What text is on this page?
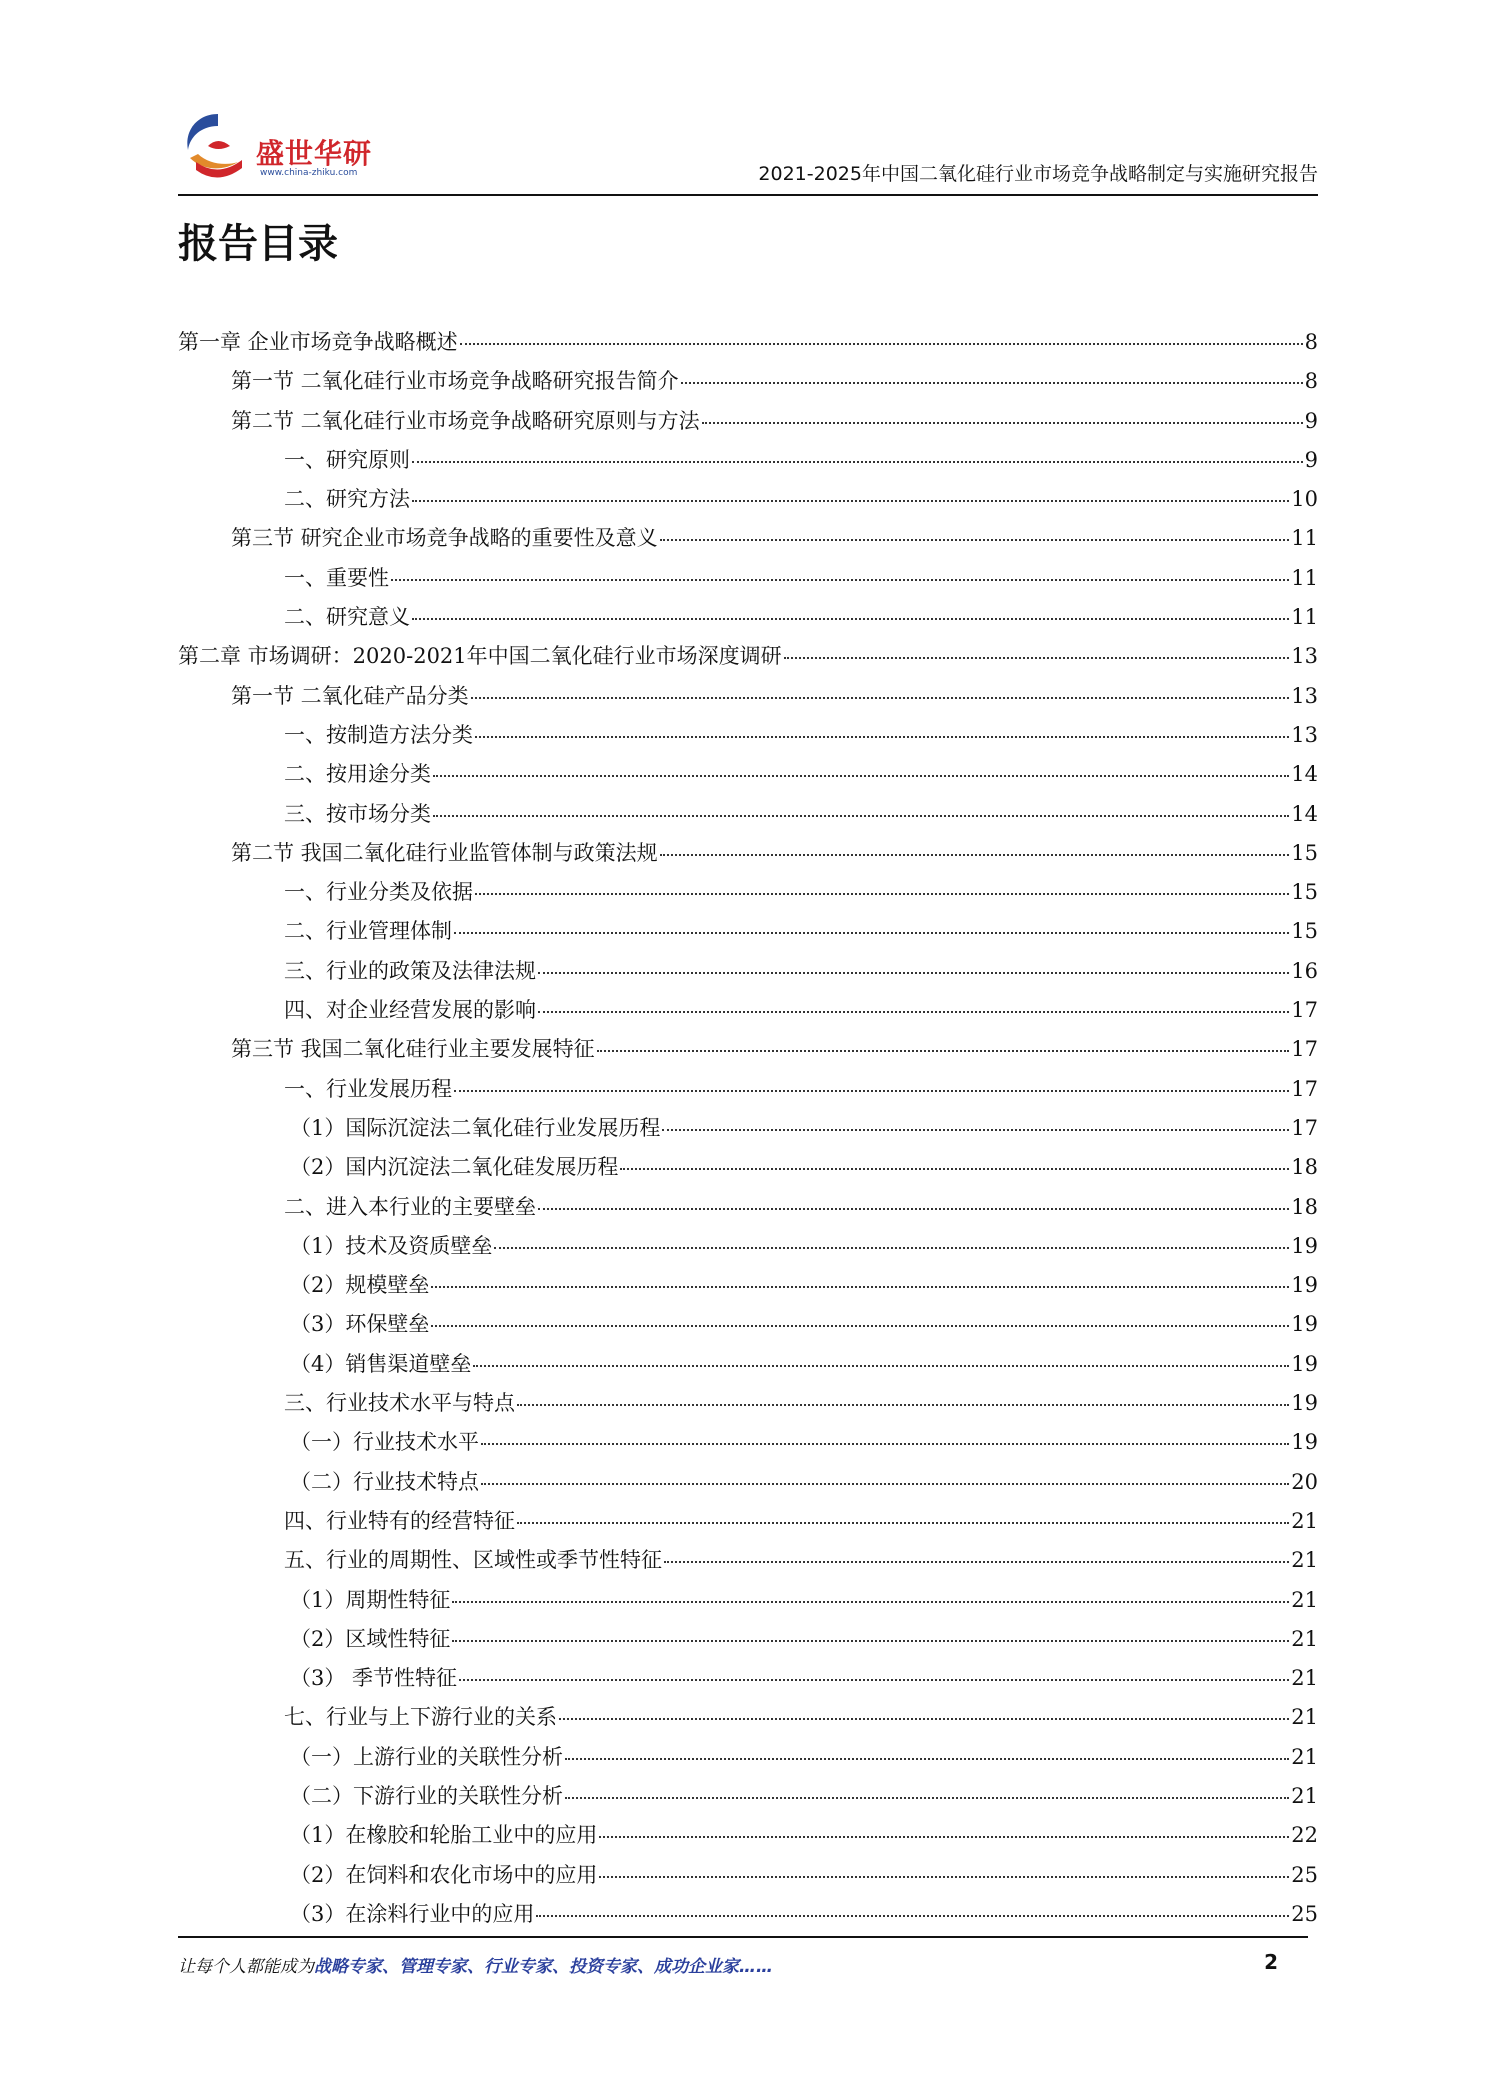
盛世华研
www.china-zhiku.com	2021-2025年中国二氧化硅行业市场竞争战略制定与实施研究报告
报告目录
第一章 企业市场竞争战略概述	8
第一节 二氧化硅行业市场竞争战略研究报告简介	8
第二节 二氧化硅行业市场竞争战略研究原则与方法	9
一、研究原则	9
二、研究方法	10
第三节 研究企业市场竞争战略的重要性及意义	11
一、重要性	11
二、研究意义	11
第二章 市场调研：2020-2021年中国二氧化硅行业市场深度调研	13
第一节 二氧化硅产品分类	13
一、按制造方法分类	13
二、按用途分类	14
三、按市场分类	14
第二节 我国二氧化硅行业监管体制与政策法规	15
一、行业分类及依据	15
二、行业管理体制	15
三、行业的政策及法律法规	16
四、对企业经营发展的影响	17
第三节 我国二氧化硅行业主要发展特征	17
一、行业发展历程	17
（1）国际沉淀法二氧化硅行业发展历程	17
（2）国内沉淀法二氧化硅发展历程	18
二、进入本行业的主要壁垒	18
（1）技术及资质壁垒	19
（2）规模壁垒	19
（3）环保壁垒	19
（4）销售渠道壁垒	19
三、行业技术水平与特点	19
（一）行业技术水平	19
（二）行业技术特点	20
四、行业特有的经营特征	21
五、行业的周期性、区域性或季节性特征	21
（1）周期性特征	21
（2）区域性特征	21
（3） 季节性特征	21
七、行业与上下游行业的关系	21
（一）上游行业的关联性分析	21
（二）下游行业的关联性分析	21
（1）在橡胶和轮胎工业中的应用	22
（2）在饲料和农化市场中的应用	25
（3）在涂料行业中的应用	25
让每个人都能成为战略专家、管理专家、行业专家、投资专家、成功企业家……	2
